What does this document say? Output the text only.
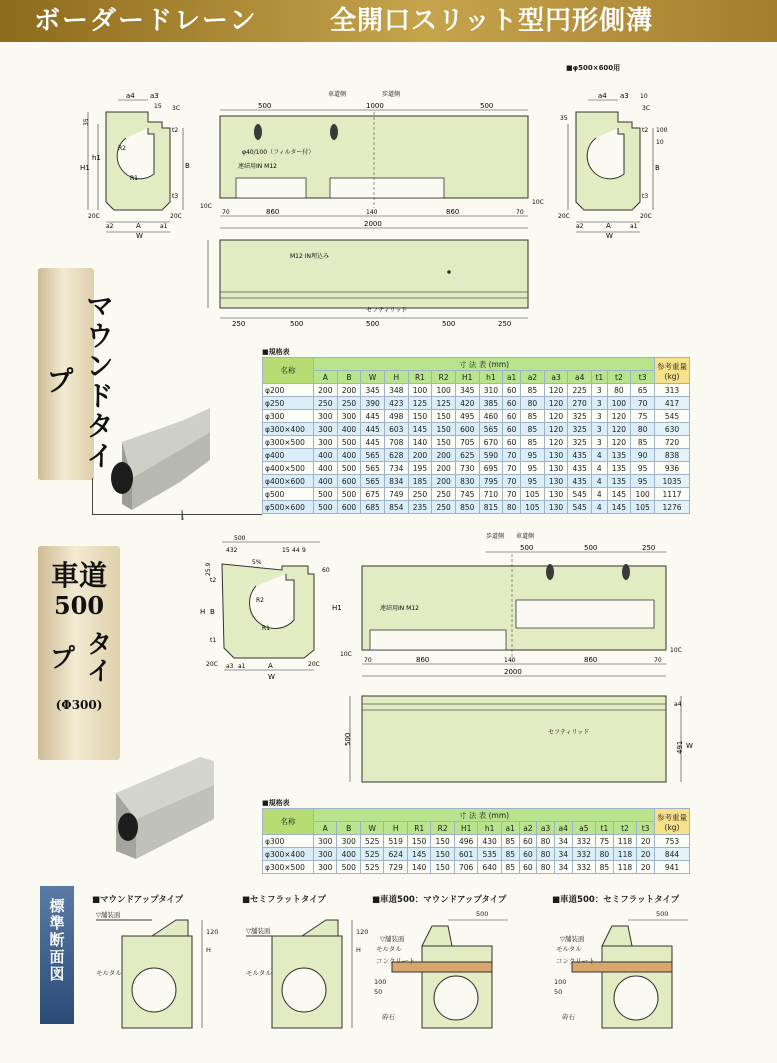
ボーダードレーン	全開口スリット型円形側溝
マウンドタイプ
■φ500×600用
a4 a3
15 3C
35
t2
H1
h1
B
t3
20C	20C
a2	A	a1
W
R2
R1
車道側	歩道側
500	1000	500
φ40/100（フィルター付）
連結用IN M12
10C
10C
70	860	140	860	70
2000
M12 IN埋込み
セフティリッド
250	500	500	500	250
a4 a3 10
3C
35
t2 100
10
B
t3
20C	20C
a2	A	a1
W
■規格表
名称	寸 法 表 (mm)															参考重量
(kg)
	A	B	W	H	R1	R2	H1	h1	a1	a2	a3	a4	t1	t2	t3	
φ200	200	200	345	348	100	100	345	310	60	85	120	225	3	80	65	313
φ250	250	250	390	423	125	125	420	385	60	80	120	270	3	100	70	417
φ300	300	300	445	498	150	150	495	460	60	85	120	325	3	120	75	545
φ300×400	300	400	445	603	145	150	600	565	60	85	120	325	3	120	80	630
φ300×500	300	500	445	708	140	150	705	670	60	85	120	325	3	120	85	720
φ400	400	400	565	628	200	200	625	590	70	95	130	435	4	135	90	838
φ400×500	400	500	565	734	195	200	730	695	70	95	130	435	4	135	95	936
φ400×600	400	600	565	834	185	200	830	795	70	95	130	435	4	135	95	1035
φ500	500	500	675	749	250	250	745	710	70	105	130	545	4	145	100	1117
φ500×600	500	600	685	854	235	250	850	815	80	105	130	545	4	145	105	1276
車道
500
タイプ
(Φ300)
500
432	15 44 9
25.9
5%
t2
B
H	H1
t1
60
20C	20C
a3 a1	A
W
R2
R1
歩道側 車道側
500	500	250
連結用IN M12
10C
10C
70	860	140	860	70
2000
500
491
a4
W
セフティリッド
■規格表
名称	寸 法 表 (mm)																参考重量
(kg)
	A	B	W	H	R1	R2	H1	h1	a1	a2	a3	a4	a5	t1	t2	t3	
φ300	300	300	525	519	150	150	496	430	85	60	80	34	332	75	118	20	753
φ300×400	300	400	525	624	145	150	601	535	85	60	80	34	332	80	118	20	844
φ300×500	300	500	525	729	140	150	706	640	85	60	80	34	332	85	118	20	941
標準断面図	■マウンドアップタイプ
▽舗装面
モルタル
120
H
■セミフラットタイプ
▽舗装面
モルタル
120
H
■車道500：マウンドアップタイプ
▽舗装面
モルタル
コンクリート
砕石
500
100
50
■車道500：セミフラットタイプ
▽舗装面
モルタル
コンクリート
砕石
500
100
50
